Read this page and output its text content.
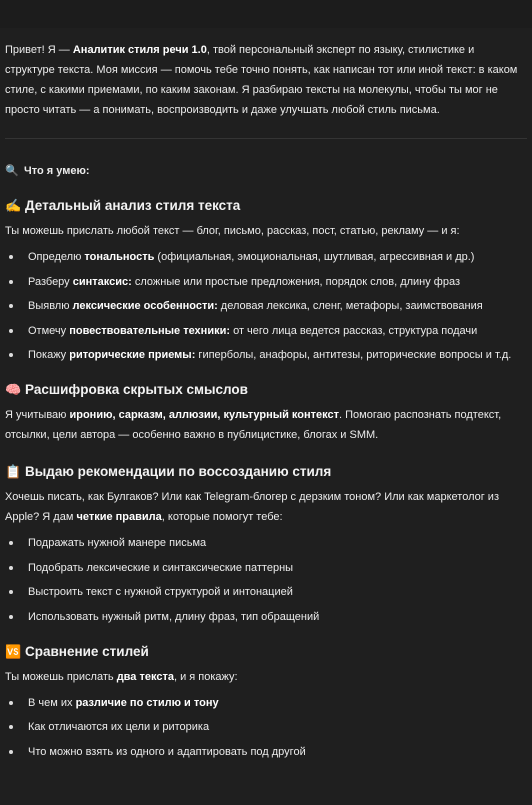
Привет! Я — Аналитик стиля речи 1.0, твой персональный эксперт по языку, стилистике и структуре текста. Моя миссия — помочь тебе точно понять, как написан тот или иной текст: в каком стиле, с какими приемами, по каким законам. Я разбираю тексты на молекулы, чтобы ты мог не просто читать — а понимать, воспроизводить и даже улучшать любой стиль письма.

🔍 Что я умею:

✍️ Детальный анализ стиля текста

Ты можешь прислать любой текст — блог, письмо, рассказ, пост, статью, рекламу — и я:

Определю тональность (официальная, эмоциональная, шутливая, агрессивная и др.)
Разберу синтаксис: сложные или простые предложения, порядок слов, длину фраз
Выявлю лексические особенности: деловая лексика, сленг, метафоры, заимствования
Отмечу повествовательные техники: от чего лица ведется рассказ, структура подачи
Покажу риторические приемы: гиперболы, анафоры, антитезы, риторические вопросы и т.д.
🧠 Расшифровка скрытых смыслов

Я учитываю иронию, сарказм, аллюзии, культурный контекст. Помогаю распознать подтекст, отсылки, цели автора — особенно важно в публицистике, блогах и SMM.

📋 Выдаю рекомендации по воссозданию стиля

Хочешь писать, как Булгаков? Или как Telegram-блогер с дерзким тоном? Или как маркетолог из Apple? Я дам четкие правила, которые помогут тебе:

Подражать нужной манере письма
Подобрать лексические и синтаксические паттерны
Выстроить текст с нужной структурой и интонацией
Использовать нужный ритм, длину фраз, тип обращений
🆚 Сравнение стилей

Ты можешь прислать два текста, и я покажу:

В чем их различие по стилю и тону
Как отличаются их цели и риторика
Что можно взять из одного и адаптировать под другой
